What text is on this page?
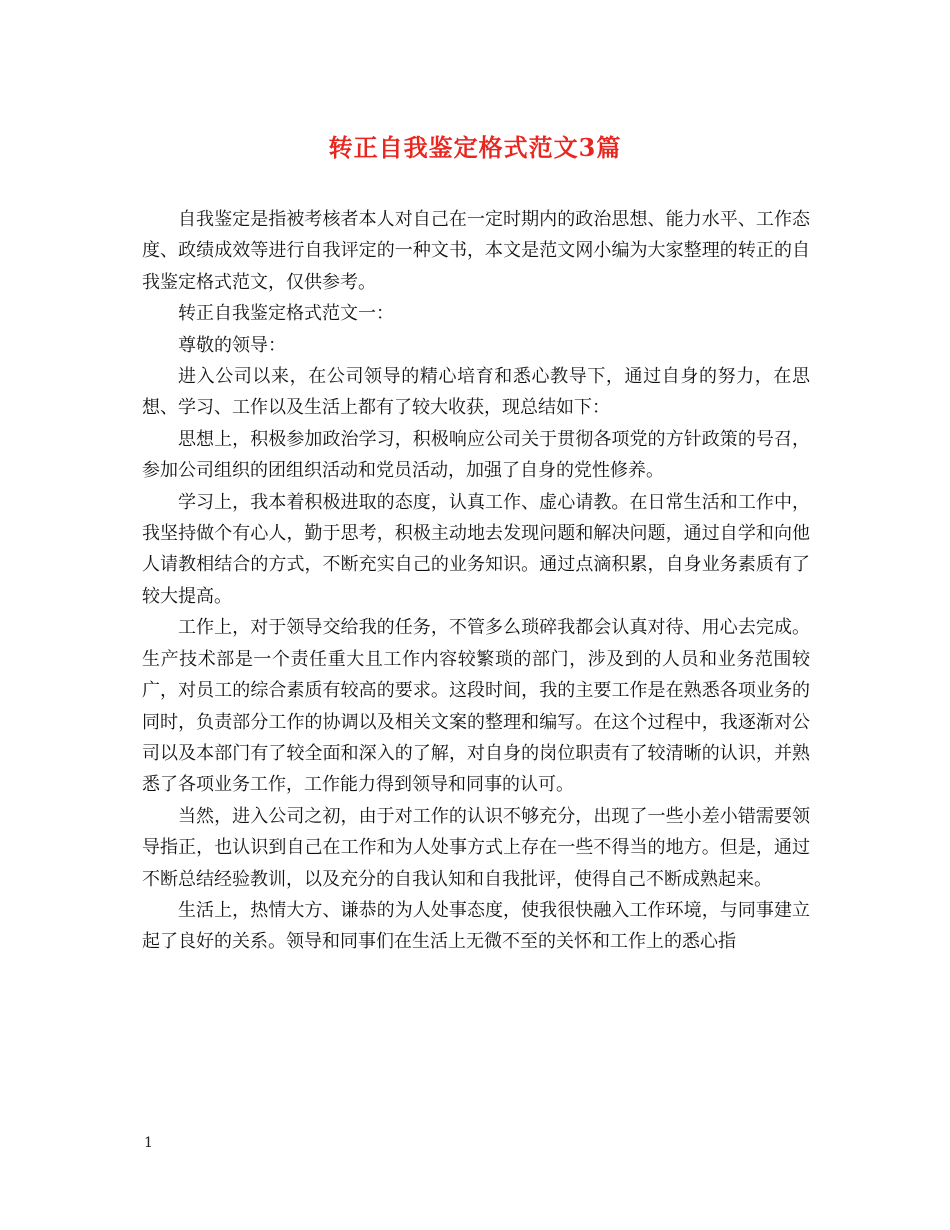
转正自我鉴定格式范文3篇

自我鉴定是指被考核者本人对自己在一定时期内的政治思想、能力水平、工作态度、政绩成效等进行自我评定的一种文书，本文是范文网小编为大家整理的转正的自我鉴定格式范文，仅供参考。

转正自我鉴定格式范文一：

尊敬的领导：

进入公司以来，在公司领导的精心培育和悉心教导下，通过自身的努力，在思想、学习、工作以及生活上都有了较大收获，现总结如下：

思想上，积极参加政治学习，积极响应公司关于贯彻各项党的方针政策的号召，参加公司组织的团组织活动和党员活动，加强了自身的党性修养。

学习上，我本着积极进取的态度，认真工作、虚心请教。在日常生活和工作中，我坚持做个有心人，勤于思考，积极主动地去发现问题和解决问题，通过自学和向他人请教相结合的方式，不断充实自己的业务知识。通过点滴积累，自身业务素质有了较大提高。

工作上，对于领导交给我的任务，不管多么琐碎我都会认真对待、用心去完成。生产技术部是一个责任重大且工作内容较繁琐的部门，涉及到的人员和业务范围较广，对员工的综合素质有较高的要求。这段时间，我的主要工作是在熟悉各项业务的同时，负责部分工作的协调以及相关文案的整理和编写。在这个过程中，我逐渐对公司以及本部门有了较全面和深入的了解，对自身的岗位职责有了较清晰的认识，并熟悉了各项业务工作，工作能力得到领导和同事的认可。

当然，进入公司之初，由于对工作的认识不够充分，出现了一些小差小错需要领导指正，也认识到自己在工作和为人处事方式上存在一些不得当的地方。但是，通过不断总结经验教训，以及充分的自我认知和自我批评，使得自己不断成熟起来。

生活上，热情大方、谦恭的为人处事态度，使我很快融入工作环境，与同事建立起了良好的关系。领导和同事们在生活上无微不至的关怀和工作上的悉心指

1
